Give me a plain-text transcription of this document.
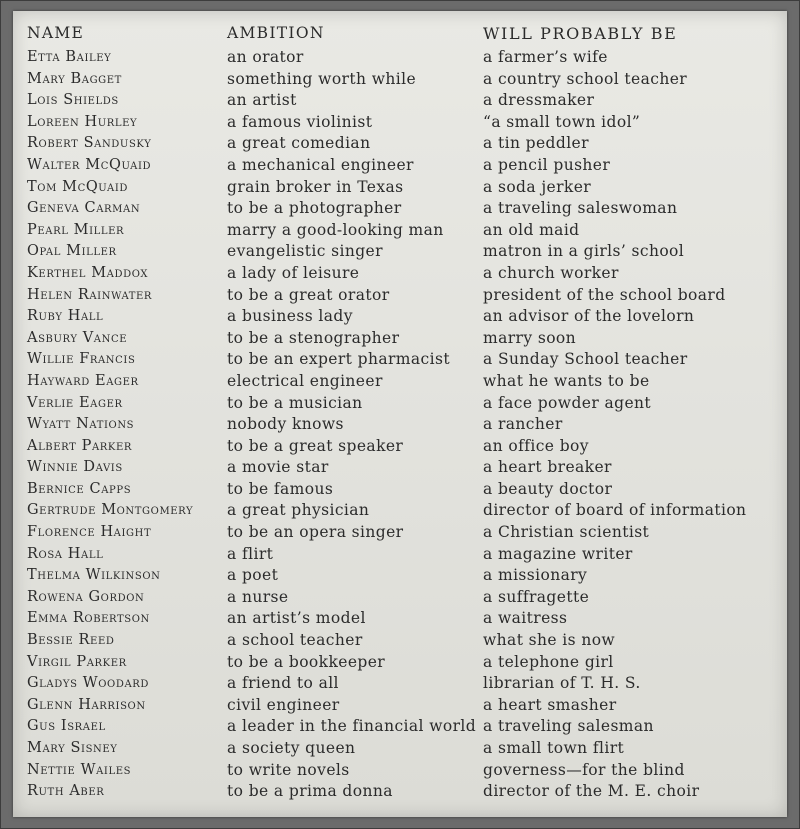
NAME	AMBITION	WILL PROBABLY BE
Etta Bailey	an orator	a farmer’s wife
Mary Bagget	something worth while	a country school teacher
Lois Shields	an artist	a dressmaker
Loreen Hurley	a famous violinist	“a small town idol”
Robert Sandusky	a great comedian	a tin peddler
Walter McQuaid	a mechanical engineer	a pencil pusher
Tom McQuaid	grain broker in Texas	a soda jerker
Geneva Carman	to be a photographer	a traveling saleswoman
Pearl Miller	marry a good-looking man	an old maid
Opal Miller	evangelistic singer	matron in a girls’ school
Kerthel Maddox	a lady of leisure	a church worker
Helen Rainwater	to be a great orator	president of the school board
Ruby Hall	a business lady	an advisor of the lovelorn
Asbury Vance	to be a stenographer	marry soon
Willie Francis	to be an expert pharmacist	a Sunday School teacher
Hayward Eager	electrical engineer	what he wants to be
Verlie Eager	to be a musician	a face powder agent
Wyatt Nations	nobody knows	a rancher
Albert Parker	to be a great speaker	an office boy
Winnie Davis	a movie star	a heart breaker
Bernice Capps	to be famous	a beauty doctor
Gertrude Montgomery	a great physician	director of board of information
Florence Haight	to be an opera singer	a Christian scientist
Rosa Hall	a flirt	a magazine writer
Thelma Wilkinson	a poet	a missionary
Rowena Gordon	a nurse	a suffragette
Emma Robertson	an artist’s model	a waitress
Bessie Reed	a school teacher	what she is now
Virgil Parker	to be a bookkeeper	a telephone girl
Gladys Woodard	a friend to all	librarian of T. H. S.
Glenn Harrison	civil engineer	a heart smasher
Gus Israel	a leader in the financial world	a traveling salesman
Mary Sisney	a society queen	a small town flirt
Nettie Wailes	to write novels	governess—for the blind
Ruth Aber	to be a prima donna	director of the M. E. choir
